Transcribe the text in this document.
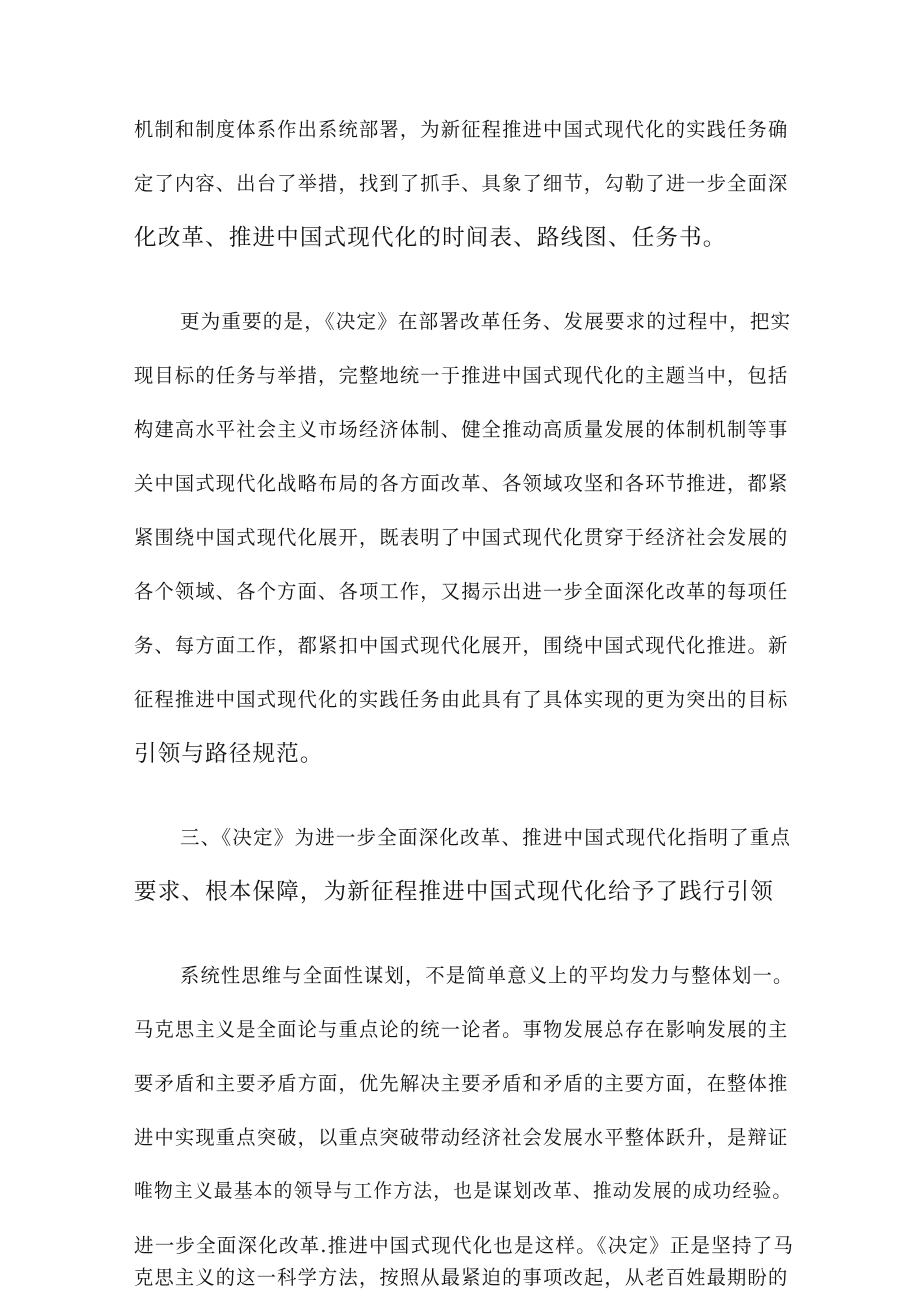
机制和制度体系作出系统部署，为新征程推进中国式现代化的实践任务确
定了内容、出台了举措，找到了抓手、具象了细节，勾勒了进一步全面深
化改革、推进中国式现代化的时间表、路线图、任务书。
更为重要的是，《决定》在部署改革任务、发展要求的过程中，把实
现目标的任务与举措，完整地统一于推进中国式现代化的主题当中，包括
构建高水平社会主义市场经济体制、健全推动高质量发展的体制机制等事
关中国式现代化战略布局的各方面改革、各领域攻坚和各环节推进，都紧
紧围绕中国式现代化展开，既表明了中国式现代化贯穿于经济社会发展的
各个领域、各个方面、各项工作，又揭示出进一步全面深化改革的每项任
务、每方面工作，都紧扣中国式现代化展开，围绕中国式现代化推进。新
征程推进中国式现代化的实践任务由此具有了具体实现的更为突出的目标
引领与路径规范。
三、《决定》为进一步全面深化改革、推进中国式现代化指明了重点
要求、根本保障，为新征程推进中国式现代化给予了践行引领
系统性思维与全面性谋划，不是简单意义上的平均发力与整体划一。
马克思主义是全面论与重点论的统一论者。事物发展总存在影响发展的主
要矛盾和主要矛盾方面，优先解决主要矛盾和矛盾的主要方面，在整体推
进中实现重点突破，以重点突破带动经济社会发展水平整体跃升，是辩证
唯物主义最基本的领导与工作方法，也是谋划改革、推动发展的成功经验。
进一步全面深化改革.推进中国式现代化也是这样。《决定》正是坚持了马
克思主义的这一科学方法，按照从最紧迫的事项改起，从老百姓最期盼的
